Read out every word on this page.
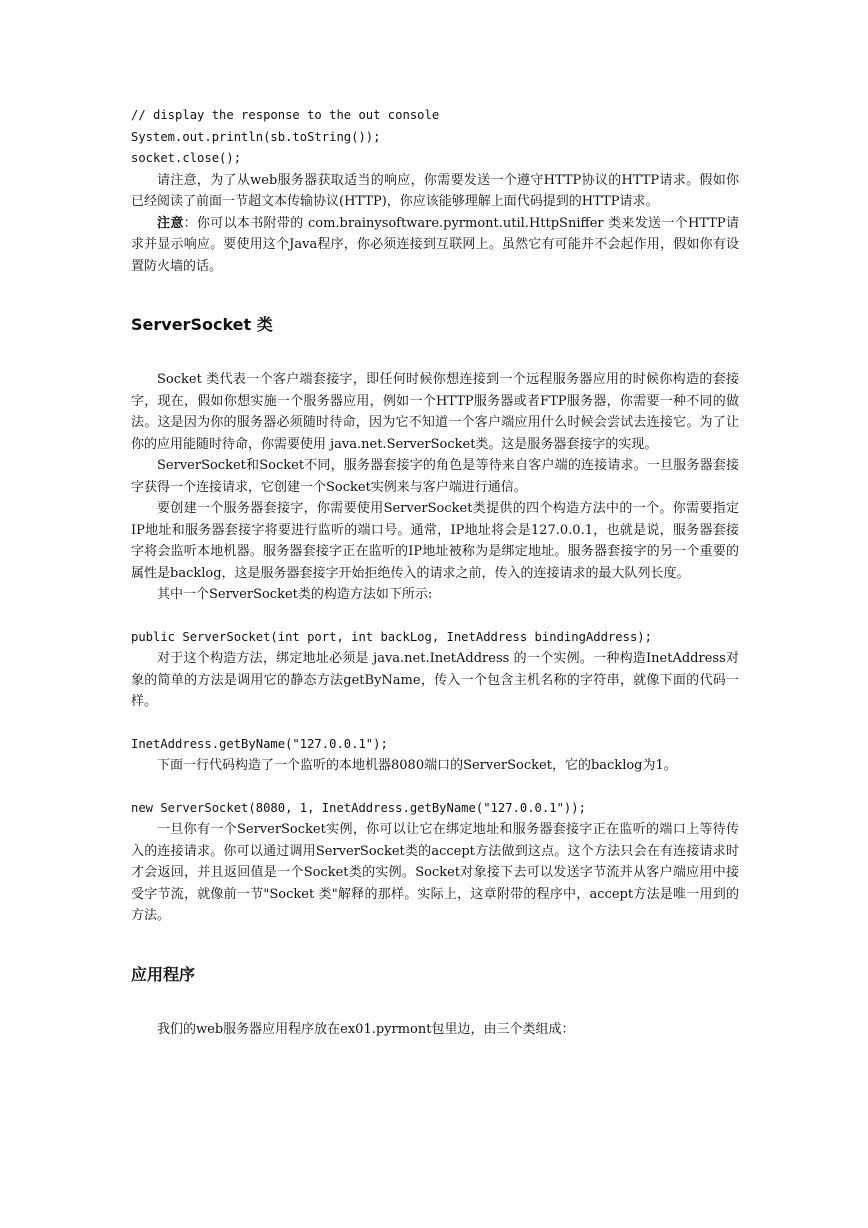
// display the response to the out console
System.out.println(sb.toString());
socket.close();

请注意，为了从web服务器获取适当的响应，你需要发送一个遵守HTTP协议的HTTP请求。假如你已经阅读了前面一节超文本传输协议(HTTP)，你应该能够理解上面代码提到的HTTP请求。

注意：你可以本书附带的 com.brainysoftware.pyrmont.util.HttpSniffer 类来发送一个HTTP请求并显示响应。要使用这个Java程序，你必须连接到互联网上。虽然它有可能并不会起作用，假如你有设置防火墙的话。

ServerSocket 类

Socket 类代表一个客户端套接字，即任何时候你想连接到一个远程服务器应用的时候你构造的套接字，现在，假如你想实施一个服务器应用，例如一个HTTP服务器或者FTP服务器，你需要一种不同的做法。这是因为你的服务器必须随时待命，因为它不知道一个客户端应用什么时候会尝试去连接它。为了让你的应用能随时待命，你需要使用 java.net.ServerSocket类。这是服务器套接字的实现。

ServerSocket和Socket不同，服务器套接字的角色是等待来自客户端的连接请求。一旦服务器套接字获得一个连接请求，它创建一个Socket实例来与客户端进行通信。

要创建一个服务器套接字，你需要使用ServerSocket类提供的四个构造方法中的一个。你需要指定IP地址和服务器套接字将要进行监听的端口号。通常，IP地址将会是127.0.0.1，也就是说，服务器套接字将会监听本地机器。服务器套接字正在监听的IP地址被称为是绑定地址。服务器套接字的另一个重要的属性是backlog，这是服务器套接字开始拒绝传入的请求之前，传入的连接请求的最大队列长度。

其中一个ServerSocket类的构造方法如下所示:

public ServerSocket(int port, int backLog, InetAddress bindingAddress);

对于这个构造方法，绑定地址必须是 java.net.InetAddress 的一个实例。一种构造InetAddress对象的简单的方法是调用它的静态方法getByName，传入一个包含主机名称的字符串，就像下面的代码一样。

InetAddress.getByName("127.0.0.1");

下面一行代码构造了一个监听的本地机器8080端口的ServerSocket，它的backlog为1。

new ServerSocket(8080, 1, InetAddress.getByName("127.0.0.1"));

一旦你有一个ServerSocket实例，你可以让它在绑定地址和服务器套接字正在监听的端口上等待传入的连接请求。你可以通过调用ServerSocket类的accept方法做到这点。这个方法只会在有连接请求时才会返回，并且返回值是一个Socket类的实例。Socket对象接下去可以发送字节流并从客户端应用中接受字节流，就像前一节"Socket 类"解释的那样。实际上，这章附带的程序中，accept方法是唯一用到的方法。

应用程序

我们的web服务器应用程序放在ex01.pyrmont包里边，由三个类组成：
